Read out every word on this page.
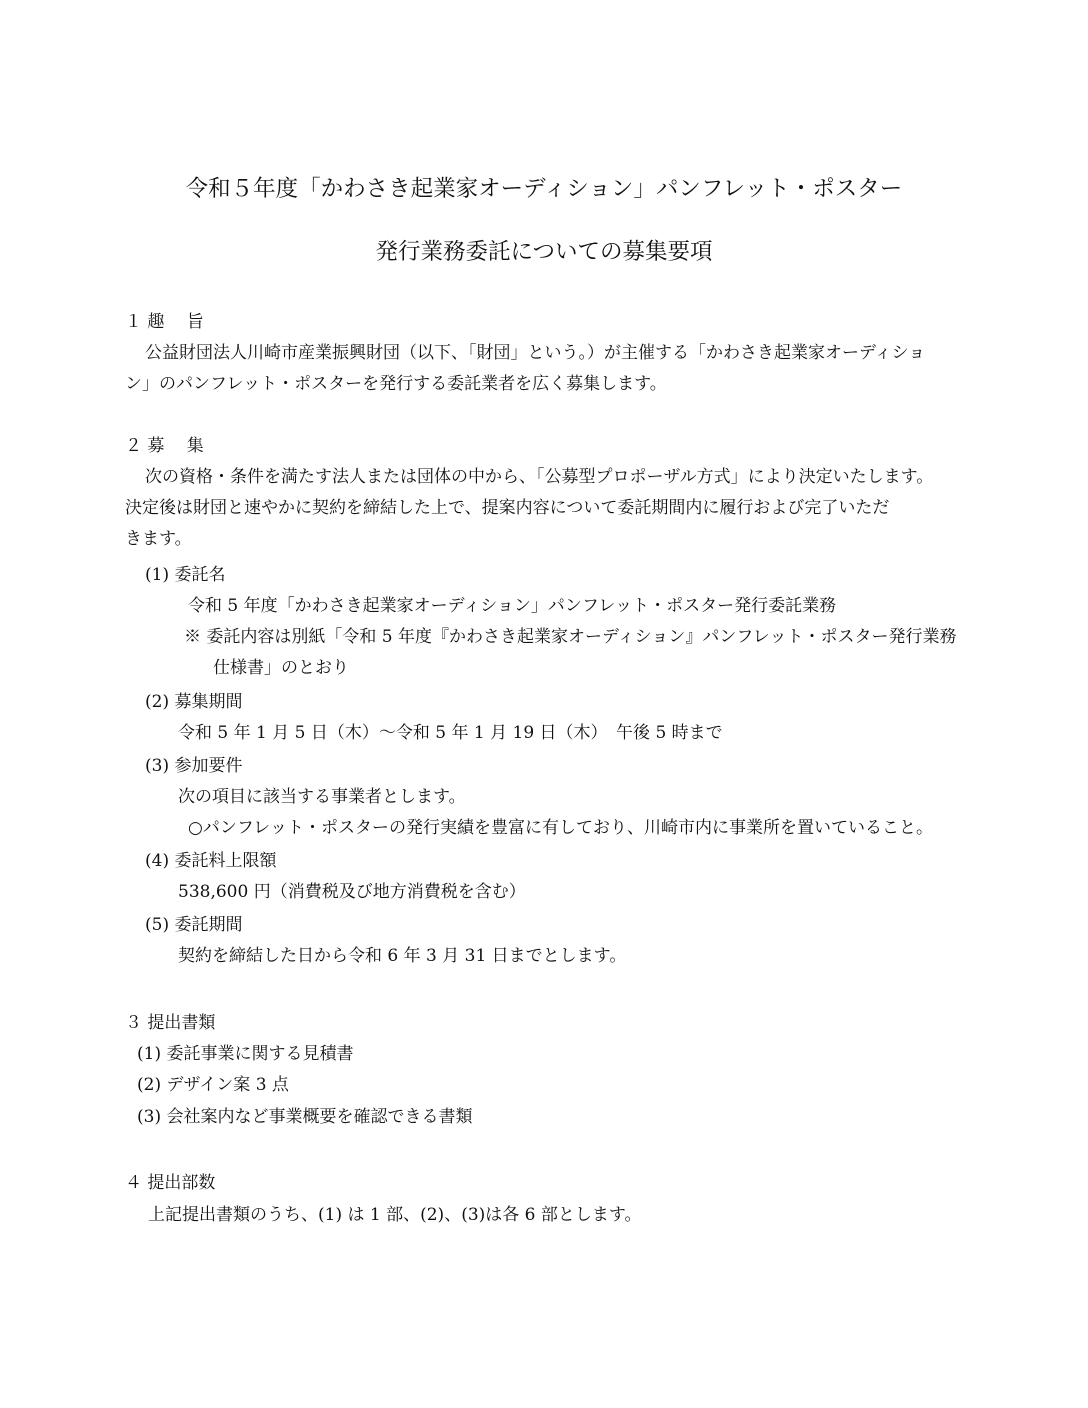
令和５年度「かわさき起業家オーディション」パンフレット・ポスター
発行業務委託についての募集要項
１ 趣　 旨
公益財団法人川崎市産業振興財団（以下、「財団」という。）が主催する「かわさき起業家オーディショ
ン」のパンフレット・ポスターを発行する委託業者を広く募集します。
２ 募　 集
次の資格・条件を満たす法人または団体の中から、「公募型プロポーザル方式」により決定いたします。
決定後は財団と速やかに契約を締結した上で、提案内容について委託期間内に履行および完了いただ
きます。
(1) 委託名
令和 5 年度「かわさき起業家オーディション」パンフレット・ポスター発行委託業務
※ 委託内容は別紙「令和 5 年度『かわさき起業家オーディション』パンフレット・ポスター発行業務
仕様書」のとおり
(2) 募集期間
令和 5 年 1 月 5 日（木）～令和 5 年 1 月 19 日（木）　午後 5 時まで
(3) 参加要件
次の項目に該当する事業者とします。
○パンフレット・ポスターの発行実績を豊富に有しており、川崎市内に事業所を置いていること。
(4) 委託料上限額
538,600 円（消費税及び地方消費税を含む）
(5) 委託期間
契約を締結した日から令和 6 年 3 月 31 日までとします。
３ 提出書類
(1) 委託事業に関する見積書
(2) デザイン案 3 点
(3) 会社案内など事業概要を確認できる書類
４ 提出部数
上記提出書類のうち、(1) は 1 部、(2)、(3)は各 6 部とします。
